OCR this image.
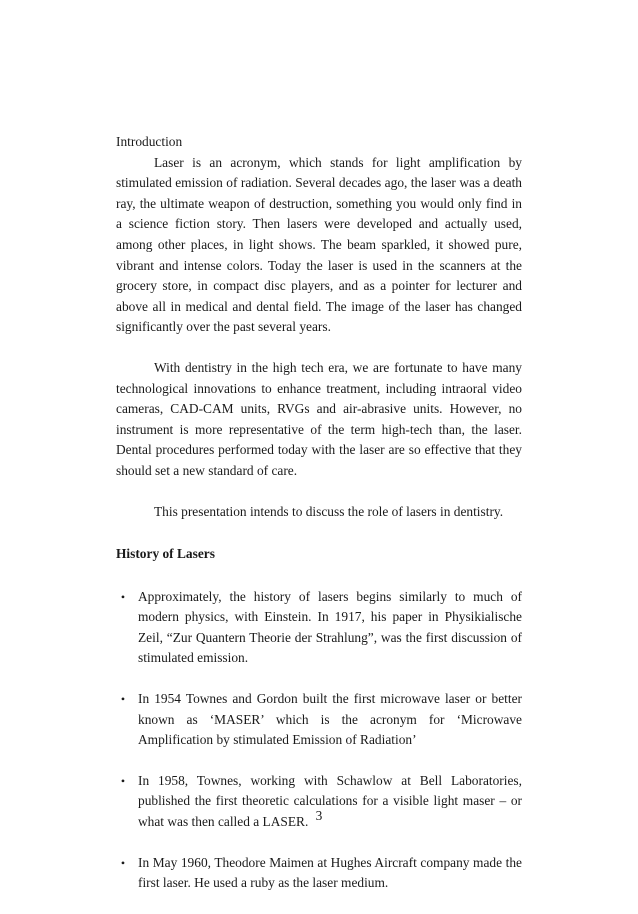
Introduction

Laser is an acronym, which stands for light amplification by stimulated emission of radiation. Several decades ago, the laser was a death ray, the ultimate weapon of destruction, something you would only find in a science fiction story. Then lasers were developed and actually used, among other places, in light shows. The beam sparkled, it showed pure, vibrant and intense colors. Today the laser is used in the scanners at the grocery store, in compact disc players, and as a pointer for lecturer and above all in medical and dental field. The image of the laser has changed significantly over the past several years.

With dentistry in the high tech era, we are fortunate to have many technological innovations to enhance treatment, including intraoral video cameras, CAD-CAM units, RVGs and air-abrasive units. However, no instrument is more representative of the term high-tech than, the laser. Dental procedures performed today with the laser are so effective that they should set a new standard of care.

This presentation intends to discuss the role of lasers in dentistry.

History of Lasers
• Approximately, the history of lasers begins similarly to much of modern physics, with Einstein. In 1917, his paper in Physikialische Zeil, “Zur Quantern Theorie der Strahlung”, was the first discussion of stimulated emission.
• In 1954 Townes and Gordon built the first microwave laser or better known as ‘MASER’ which is the acronym for ‘Microwave Amplification by stimulated Emission of Radiation’
• In 1958, Townes, working with Schawlow at Bell Laboratories, published the first theoretic calculations for a visible light maser – or what was then called a LASER.
• In May 1960, Theodore Maimen at Hughes Aircraft company made the first laser. He used a ruby as the laser medium.
3
